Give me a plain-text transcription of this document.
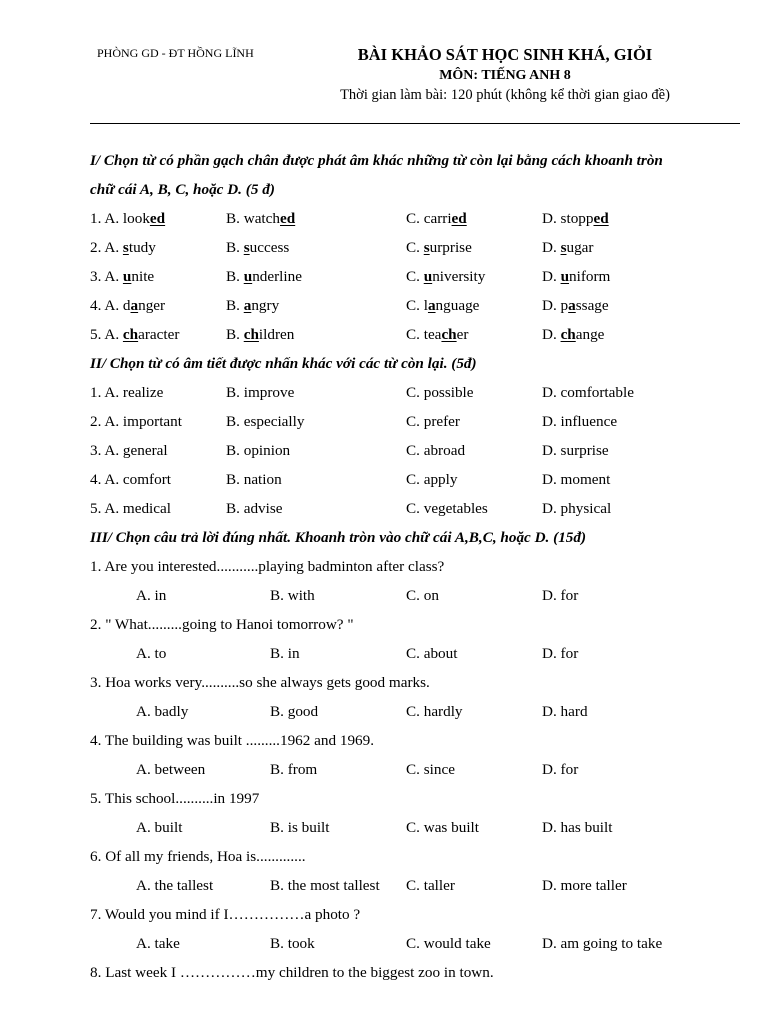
PHÒNG GD - ĐT HỒNG LĨNH	BÀI KHẢO SÁT HỌC SINH KHÁ, GIỎI
MÔN: TIẾNG ANH 8
Thời gian làm bài: 120 phút (không kể thời gian giao đề)
I/ Chọn từ có phần gạch chân được phát âm khác những từ còn lại bằng cách khoanh tròn chữ cái A, B, C, hoặc D. (5 đ)
1. A. looked	B. watched	C. carried	D. stopped
2. A. study	B. success	C. surprise	D. sugar
3. A. unite	B. underline	C. university	D. uniform
4. A. danger	B. angry	C. language	D. passage
5. A. character	B. children	C. teacher	D. change
II/ Chọn từ có âm tiết được nhấn khác với các từ còn lại. (5đ)
1. A. realize	B. improve	C. possible	D. comfortable
2. A. important	B. especially	C. prefer	D. influence
3. A. general	B. opinion	C. abroad	D. surprise
4. A. comfort	B. nation	C. apply	D. moment
5. A. medical	B. advise	C. vegetables	D. physical
III/ Chọn câu trả lời đúng nhất. Khoanh tròn vào chữ cái A,B,C, hoặc D. (15đ)
1. Are you interested...........playing badminton after class?
A. in	B. with	C. on	D. for
2. " What.........going to Hanoi tomorrow? "
A. to	B. in	C. about	D. for
3. Hoa works very..........so she always gets good marks.
A. badly	B. good	C. hardly	D. hard
4. The building was built .........1962 and 1969.
A. between	B. from	C. since	D. for
5. This school..........in 1997
A. built	B. is built	C. was built	D. has built
6. Of all my friends, Hoa is.............
A. the tallest	B. the most tallest C. taller	D. more taller
7. Would you mind if I……………a photo ?
A. take	B. took	C. would take	D. am going to take
8. Last week I ……………my children to the biggest zoo in town.
